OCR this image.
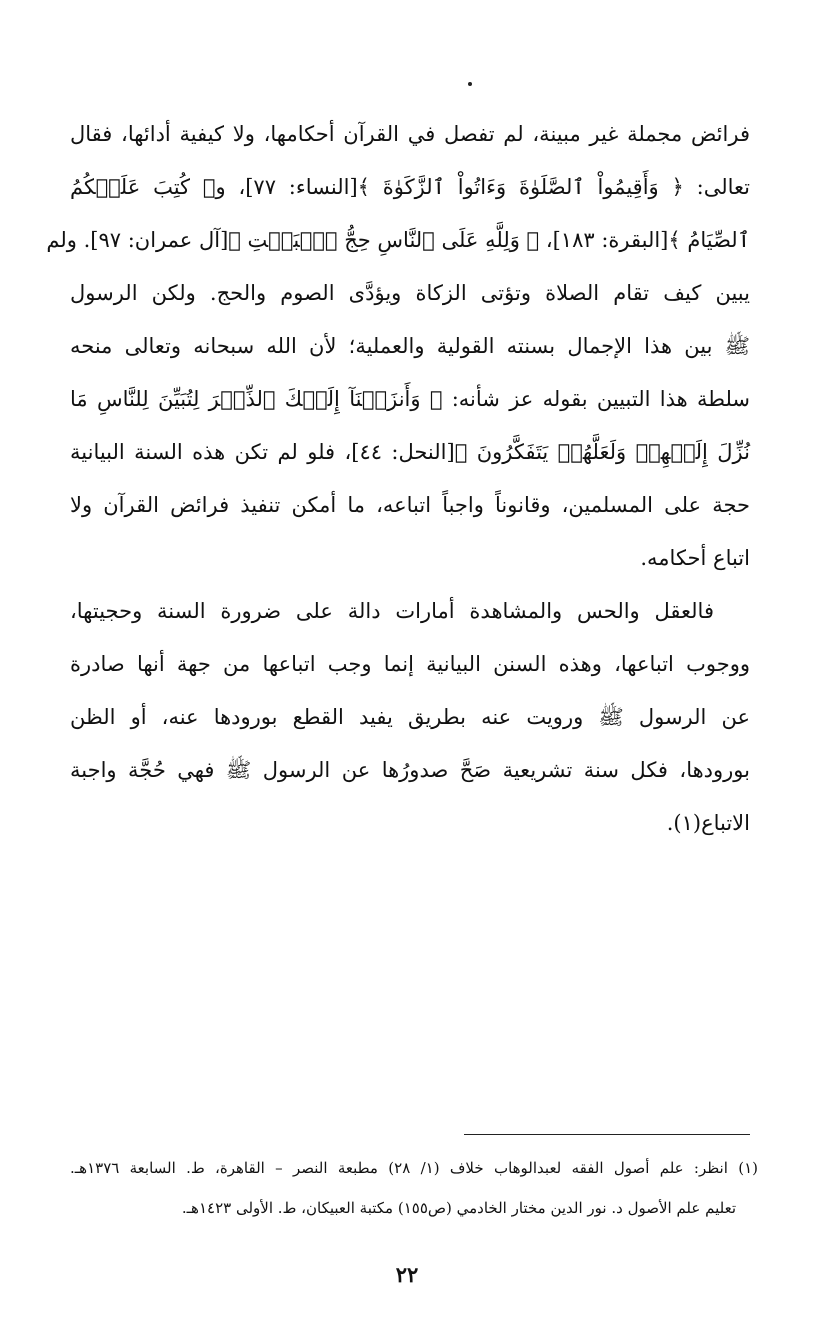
فرائض مجملة غير مبينة، لم تفصل في القرآن أحكامها، ولا كيفية أدائها، فقال
تعالى: ﴿ وَأَقِيمُواْ ٱلصَّلَوٰةَ وَءَاتُواْ ٱلزَّكَوٰةَ ﴾[النساء: ٧٧]، و﴿ كُتِبَ عَلَيۡكُمُ
ٱلصِّيَامُ ﴾[البقرة: ١٨٣]، ﴿ وَلِلَّهِ عَلَى ٱلنَّاسِ حِجُّ ٱلۡبَيۡتِ ﴾[آل عمران: ٩٧]. ولم
يبين كيف تقام الصلاة وتؤتى الزكاة ويؤدَّى الصوم والحج. ولكن الرسول
ﷺ بين هذا الإجمال بسنته القولية والعملية؛ لأن الله سبحانه وتعالى منحه
سلطة هذا التبيين بقوله عز شأنه: ﴿ وَأَنزَلۡنَآ إِلَيۡكَ ٱلذِّكۡرَ لِتُبَيِّنَ لِلنَّاسِ مَا
نُزِّلَ إِلَيۡهِمۡ وَلَعَلَّهُمۡ يَتَفَكَّرُونَ ﴾[النحل: ٤٤]، فلو لم تكن هذه السنة البيانية
حجة على المسلمين، وقانوناً واجباً اتباعه، ما أمكن تنفيذ فرائض القرآن ولا
اتباع أحكامه.
فالعقل والحس والمشاهدة أمارات دالة على ضرورة السنة وحجيتها،
ووجوب اتباعها، وهذه السنن البيانية إنما وجب اتباعها من جهة أنها صادرة
عن الرسول ﷺ ورويت عنه بطريق يفيد القطع بورودها عنه، أو الظن
بورودها، فكل سنة تشريعية صَحَّ صدورُها عن الرسول ﷺ فهي حُجَّة واجبة
الاتباع(١).
(١) انظر: علم أصول الفقه لعبدالوهاب خلاف (١/ ٢٨) مطبعة النصر – القاهرة، ط. السابعة ١٣٧٦هـ.
تعليم علم الأصول د. نور الدين مختار الخادمي (ص١٥٥) مكتبة العبيكان، ط. الأولى ١٤٢٣هـ.
٢٢
